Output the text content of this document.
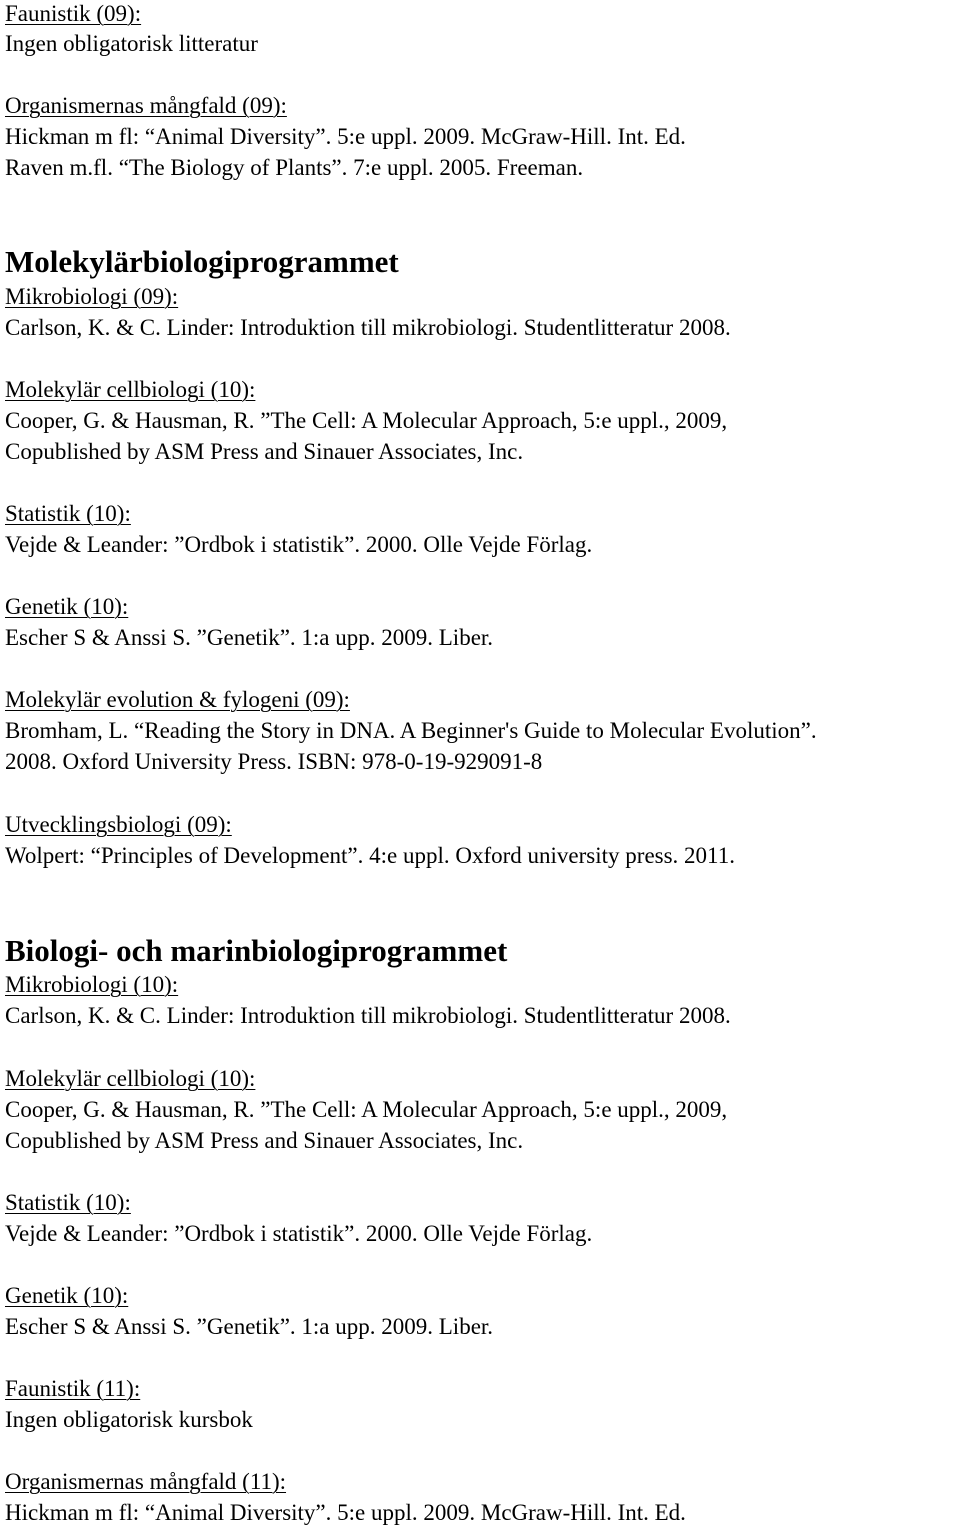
Faunistik (09):
Ingen obligatorisk litteratur
Organismernas mångfald (09):
Hickman m fl: “Animal Diversity”. 5:e uppl. 2009. McGraw-Hill. Int. Ed.
Raven m.fl. “The Biology of Plants”. 7:e uppl. 2005. Freeman.
Molekylärbiologiprogrammet
Mikrobiologi (09):
Carlson, K. & C. Linder: Introduktion till mikrobiologi. Studentlitteratur 2008.
Molekylär cellbiologi (10):
Cooper, G. & Hausman, R. ”The Cell: A Molecular Approach, 5:e uppl., 2009,
Copublished by ASM Press and Sinauer Associates, Inc.
Statistik (10):
Vejde & Leander: ”Ordbok i statistik”. 2000. Olle Vejde Förlag.
Genetik (10):
Escher S & Anssi S. ”Genetik”. 1:a upp. 2009. Liber.
Molekylär evolution & fylogeni (09):
Bromham, L. “Reading the Story in DNA. A Beginner's Guide to Molecular Evolution”.
2008. Oxford University Press. ISBN: 978-0-19-929091-8
Utvecklingsbiologi (09):
Wolpert: “Principles of Development”. 4:e uppl. Oxford university press. 2011.
Biologi- och marinbiologiprogrammet
Mikrobiologi (10):
Carlson, K. & C. Linder: Introduktion till mikrobiologi. Studentlitteratur 2008.
Molekylär cellbiologi (10):
Cooper, G. & Hausman, R. ”The Cell: A Molecular Approach, 5:e uppl., 2009,
Copublished by ASM Press and Sinauer Associates, Inc.
Statistik (10):
Vejde & Leander: ”Ordbok i statistik”. 2000. Olle Vejde Förlag.
Genetik (10):
Escher S & Anssi S. ”Genetik”. 1:a upp. 2009. Liber.
Faunistik (11):
Ingen obligatorisk kursbok
Organismernas mångfald (11):
Hickman m fl: “Animal Diversity”. 5:e uppl. 2009. McGraw-Hill. Int. Ed.
